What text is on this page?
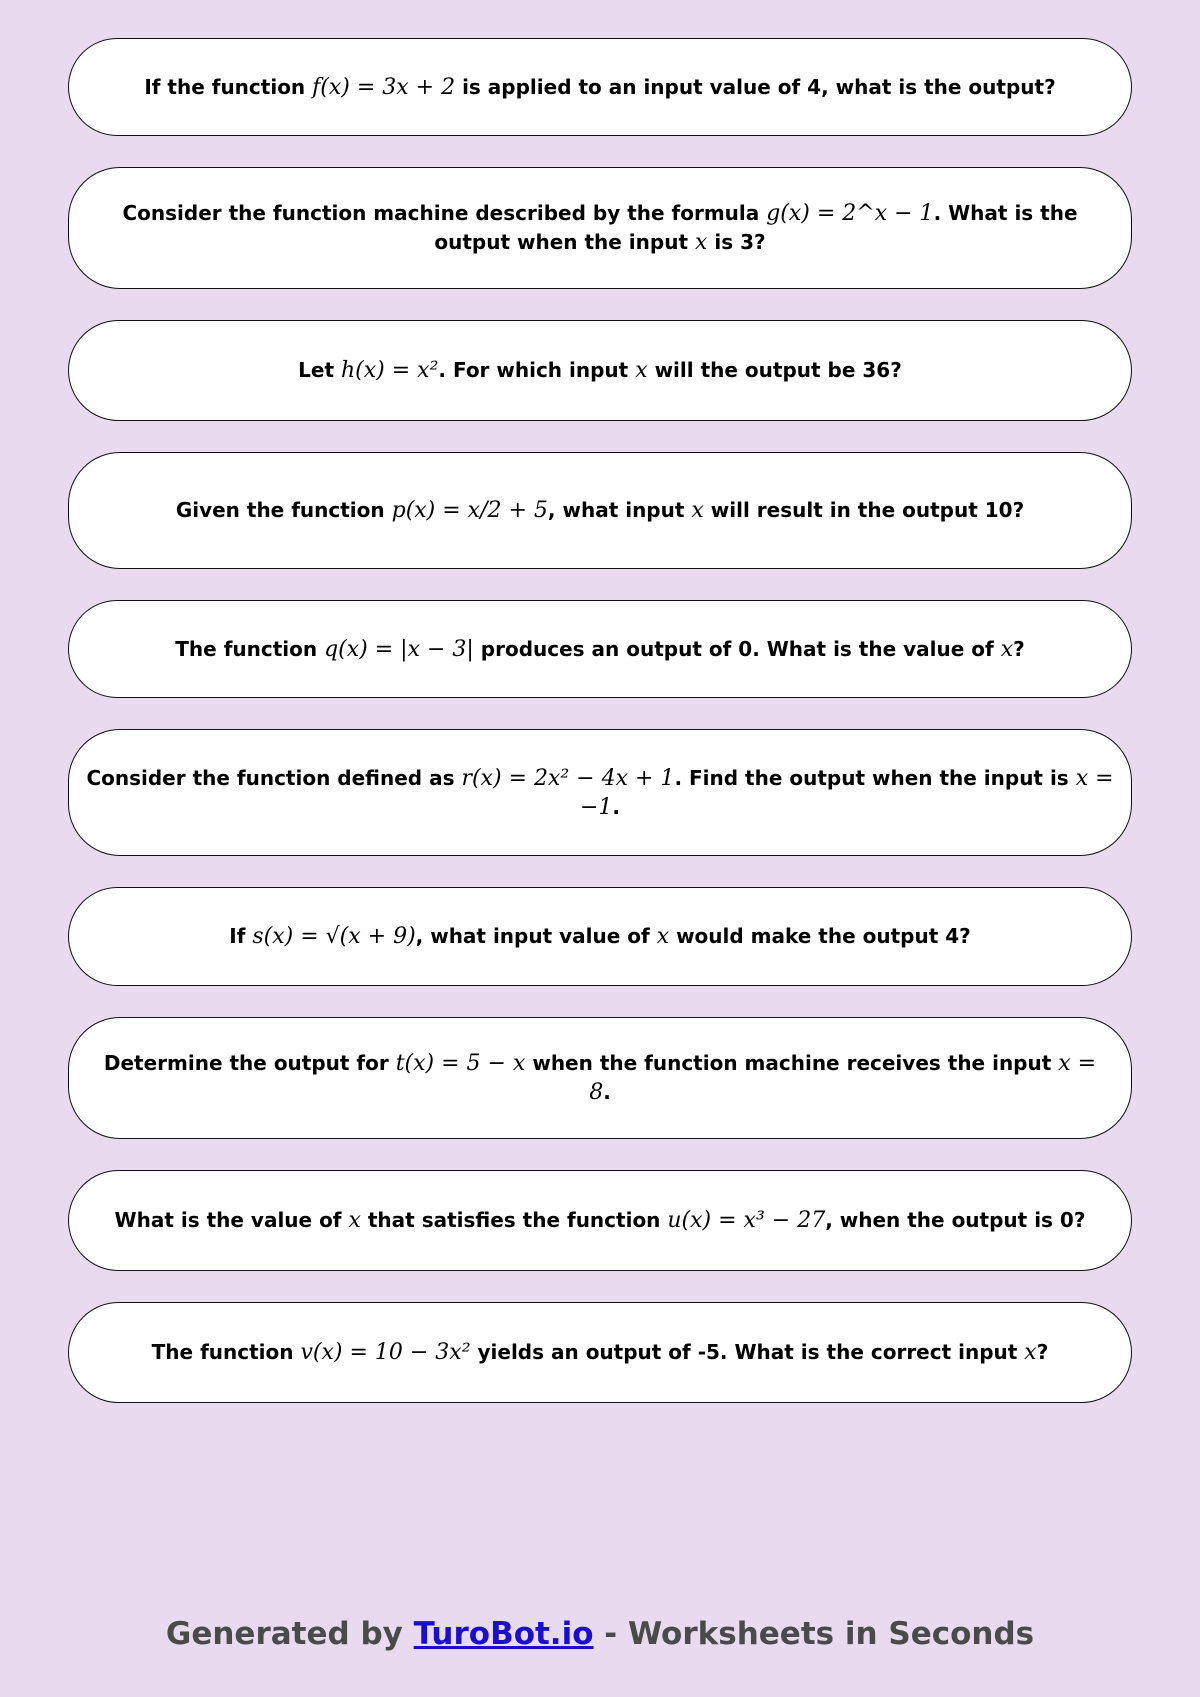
If the function f(x) = 3x + 2 is applied to an input value of 4, what is the output?
Consider the function machine described by the formula g(x) = 2^x − 1. What is the output when the input x is 3?
Let h(x) = x². For which input x will the output be 36?
Given the function p(x) = x/2 + 5, what input x will result in the output 10?
The function q(x) = |x − 3| produces an output of 0. What is the value of x?
Consider the function defined as r(x) = 2x² − 4x + 1. Find the output when the input is x = −1.
If s(x) = √(x + 9), what input value of x would make the output 4?
Determine the output for t(x) = 5 − x when the function machine receives the input x = 8.
What is the value of x that satisfies the function u(x) = x³ − 27, when the output is 0?
The function v(x) = 10 − 3x² yields an output of -5. What is the correct input x?
Generated by TuroBot.io - Worksheets in Seconds
